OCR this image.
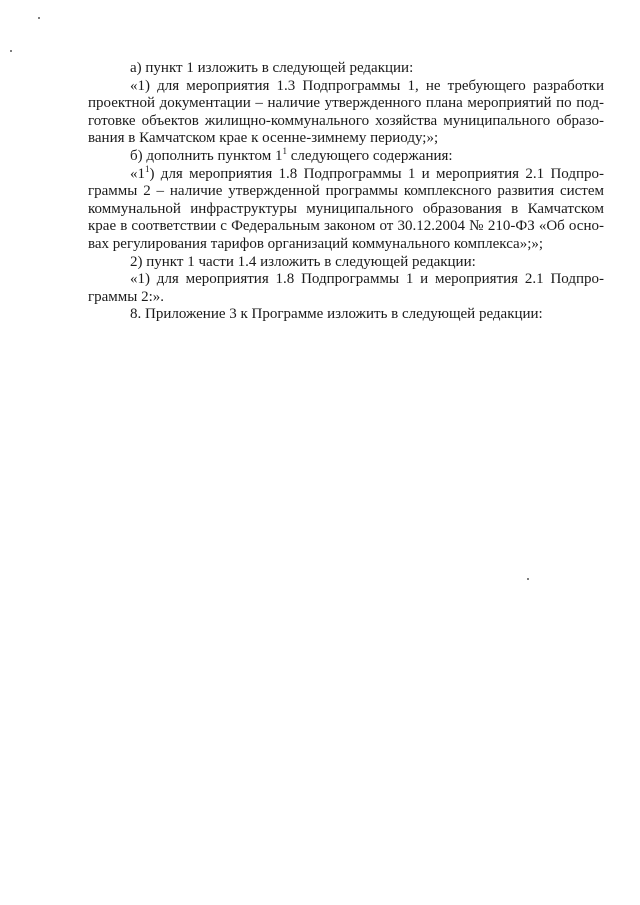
а) пункт 1 изложить в следующей редакции:

«1) для мероприятия 1.3 Подпрограммы 1, не требующего разработки
проектной документации – наличие утвержденного плана мероприятий по под-
готовке объектов жилищно-коммунального хозяйства муниципального образо-
вания в Камчатском крае к осенне-зимнему периоду;»;

б) дополнить пунктом $1^1$ следующего содержания:

«$1^1$) для мероприятия 1.8 Подпрограммы 1 и мероприятия 2.1 Подпро-
граммы 2 – наличие утвержденной программы комплексного развития систем
коммунальной инфраструктуры муниципального образования в Камчатском
крае в соответствии с Федеральным законом от 30.12.2004 № 210-ФЗ «Об осно-
вах регулирования тарифов организаций коммунального комплекса»;»;

2) пункт 1 части 1.4 изложить в следующей редакции:

«1) для мероприятия 1.8 Подпрограммы 1 и мероприятия 2.1 Подпро-
граммы 2:».

8. Приложение 3 к Программе изложить в следующей редакции:
